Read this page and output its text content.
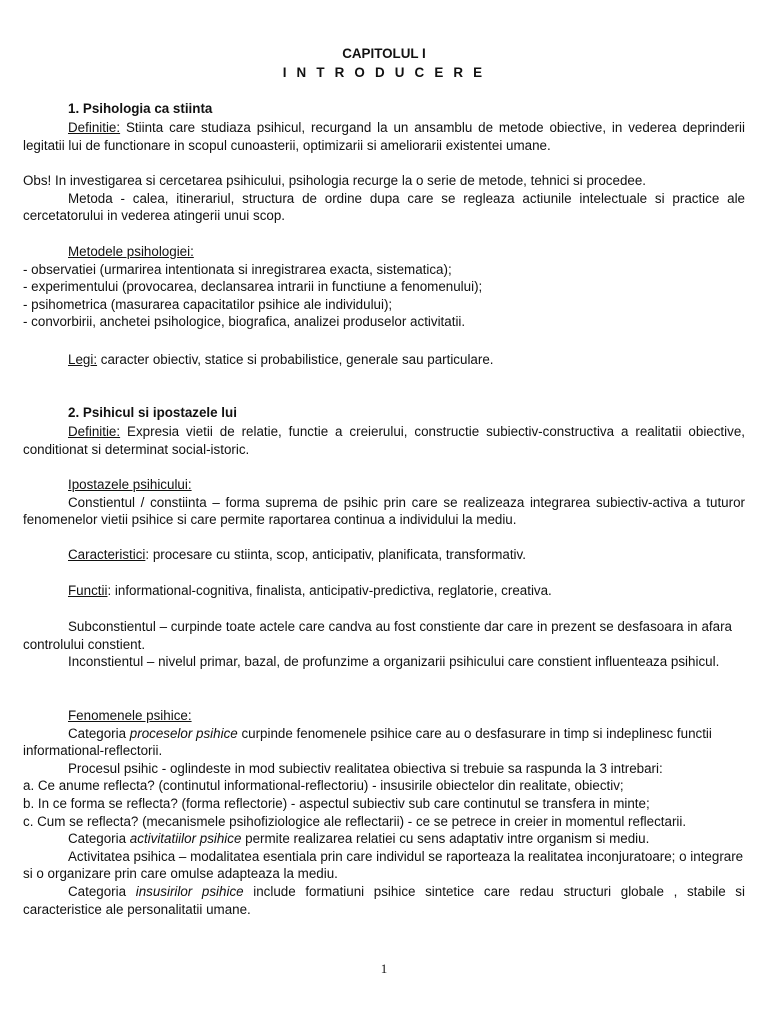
CAPITOLUL I
I N T R O D U C E R E
1. Psihologia ca stiinta

Definitie: Stiinta care studiaza psihicul, recurgand la un ansamblu de metode obiective, in vederea deprinderii legitatii lui de functionare in scopul cunoasterii, optimizarii si ameliorarii existentei umane.

Obs! In investigarea si cercetarea psihicului, psihologia recurge la o serie de metode, tehnici si procedee.

Metoda - calea, itinerariul, structura de ordine dupa care se regleaza actiunile intelectuale si practice ale cercetatorului in vederea atingerii unui scop.

Metodele psihologiei:

- observatiei (urmarirea intentionata si inregistrarea exacta, sistematica);

- experimentului (provocarea, declansarea intrarii in functiune a fenomenului);

- psihometrica (masurarea capacitatilor psihice ale individului);

- convorbirii, anchetei psihologice, biografica, analizei produselor activitatii.

Legi: caracter obiectiv, statice si probabilistice, generale sau particulare.

2. Psihicul si ipostazele lui

Definitie: Expresia vietii de relatie, functie a creierului, constructie subiectiv-constructiva a realitatii obiective, conditionat si determinat social-istoric.

Ipostazele psihicului:

Constientul / constiinta – forma suprema de psihic prin care se realizeaza integrarea subiectiv-activa a tuturor fenomenelor vietii psihice si care permite raportarea continua a individului la mediu.

Caracteristici: procesare cu stiinta, scop, anticipativ, planificata, transformativ.

Functii: informational-cognitiva, finalista, anticipativ-predictiva, reglatorie, creativa.

Subconstientul – curpinde toate actele care candva au fost constiente dar care in prezent se desfasoara in afara controlului constient.

Inconstientul – nivelul primar, bazal, de profunzime a organizarii psihicului care constient influenteaza psihicul.

Fenomenele psihice:

Categoria proceselor psihice curpinde fenomenele psihice care au o desfasurare in timp si indeplinesc functii informational-reflectorii.

Procesul psihic - oglindeste in mod subiectiv realitatea obiectiva si trebuie sa raspunda la 3 intrebari:

a. Ce anume reflecta? (continutul informational-reflectoriu) - insusirile obiectelor din realitate, obiectiv;

b. In ce forma se reflecta? (forma reflectorie) - aspectul subiectiv sub care continutul se transfera in minte;

c. Cum se reflecta? (mecanismele psihofiziologice ale reflectarii) - ce se petrece in creier in momentul reflectarii.

Categoria activitatiilor psihice permite realizarea relatiei cu sens adaptativ intre organism si mediu.

Activitatea psihica – modalitatea esentiala prin care individul se raporteaza la realitatea inconjuratoare; o integrare si o organizare prin care omulse adapteaza la mediu.

Categoria insusirilor psihice include formatiuni psihice sintetice care redau structuri globale , stabile si caracteristice ale personalitatii umane.

1
